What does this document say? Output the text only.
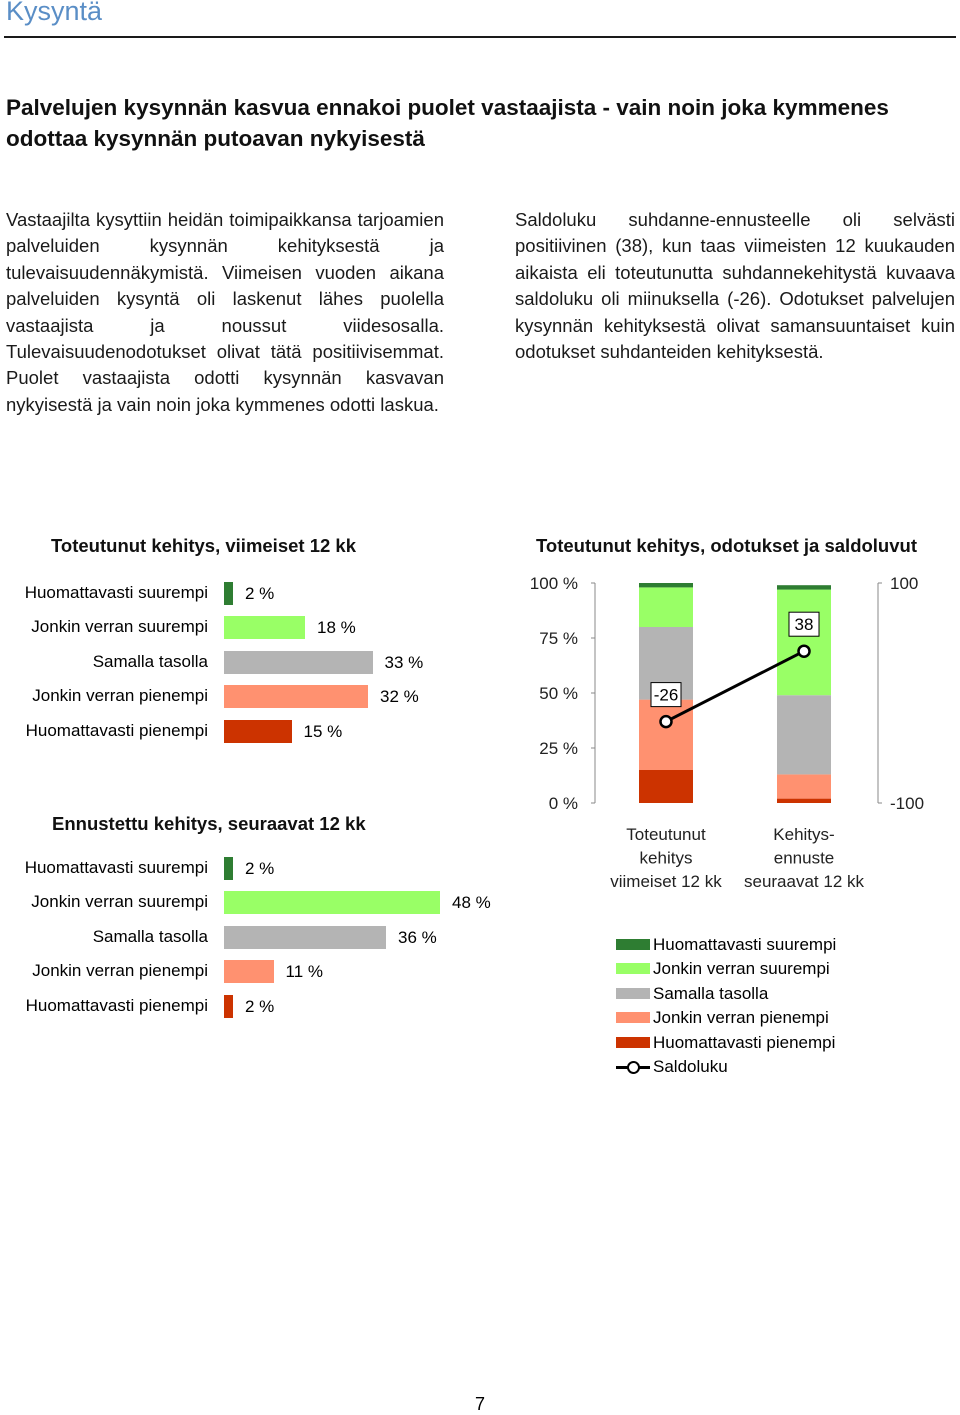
Kysyntä
Palvelujen kysynnän kasvua ennakoi puolet vastaajista - vain noin joka kymmenes odottaa kysynnän putoavan nykyisestä
Vastaajilta kysyttiin heidän toimipaikkansa tarjoamien palveluiden kysynnän kehityksestä ja tulevaisuudennäkymistä. Viimeisen vuoden aikana palveluiden kysyntä oli laskenut lähes puolella vastaajista ja noussut viidesosalla. Tulevaisuudenodotukset olivat tätä positiivisemmat. Puolet vastaajista odotti kysynnän kasvavan nykyisestä ja vain noin joka kymmenes odotti laskua.
Saldoluku suhdanne-ennusteelle oli selvästi positiivinen (38), kun taas viimeisten 12 kuukauden aikaista eli toteutunutta suhdannekehitystä kuvaava saldoluku oli miinuksella (-26). Odotukset palvelujen kysynnän kehityksestä olivat samansuuntaiset kuin odotukset suhdanteiden kehityksestä.
Toteutunut kehitys, viimeiset 12 kk
Huomattavasti suurempi 2 %
Jonkin verran suurempi	18 %
Samalla tasolla	33 %
Jonkin verran pienempi	32 %
Huomattavasti pienempi	15 %
Ennustettu kehitys, seuraavat 12 kk
Huomattavasti suurempi 2 %
Jonkin verran suurempi	48 %
Samalla tasolla	36 %
Jonkin verran pienempi	11 %
Huomattavasti pienempi 2 %
Toteutunut kehitys, odotukset ja saldoluvut
0 %
25 %
50 %
75 %
100 %
-100
100
Toteutunut
kehitys
viimeiset 12 kk
Kehitys-
ennuste
seuraavat 12 kk
-26
38
Huomattavasti suurempi
Jonkin verran suurempi
Samalla tasolla
Jonkin verran pienempi
Huomattavasti pienempi
Saldoluku
7
